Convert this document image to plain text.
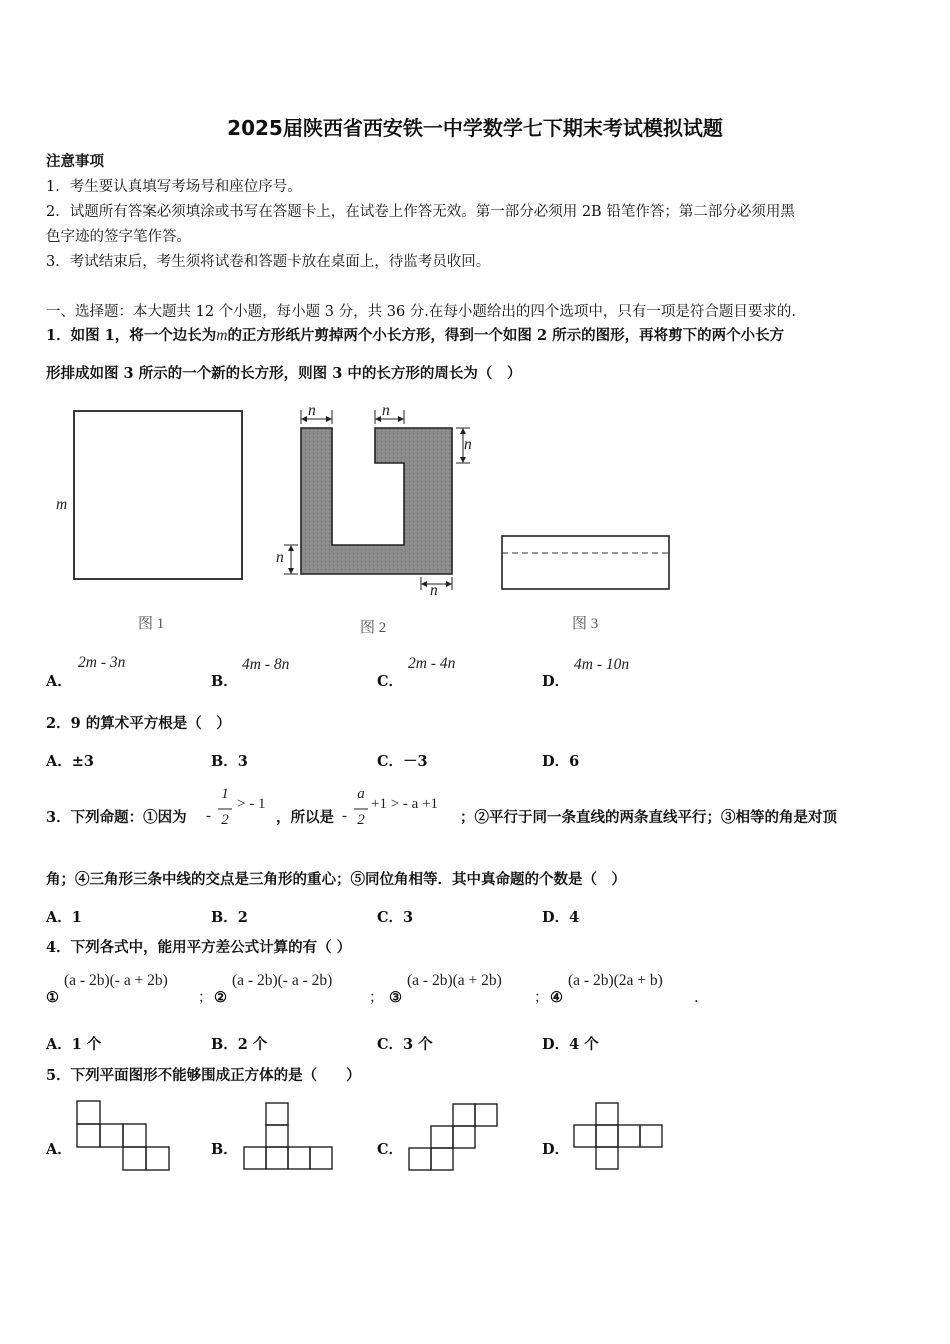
2025届陕西省西安铁一中学数学七下期末考试模拟试题
注意事项
1．考生要认真填写考场号和座位序号。
2．试题所有答案必须填涂或书写在答题卡上，在试卷上作答无效。第一部分必须用 2B 铅笔作答；第二部分必须用黑
色字迹的签字笔作答。
3．考试结束后，考生须将试卷和答题卡放在桌面上，待监考员收回。
一、选择题：本大题共 12 个小题，每小题 3 分，共 36 分.在每小题给出的四个选项中，只有一项是符合题目要求的.
1．如图 1，将一个边长为m的正方形纸片剪掉两个小长方形，得到一个如图 2 所示的图形，再将剪下的两个小长方
形排成如图 3 所示的一个新的长方形，则图 3 中的长方形的周长为（　）
m
n	n
n
n
n
图 1	图 2	图 3
A．
2m - 3n
B．
4m - 8n
C．
2m - 4n
D．
4m - 10n
2．9 的算术平方根是（　）
A．±3	B．3	C．－3	D．6
3．下列命题：①因为 -
1
2
> - 1
，所以是 -
a
2
+1 > - a +1
；②平行于同一条直线的两条直线平行；③相等的角是对顶
角；④三角形三条中线的交点是三角形的重心；⑤同位角相等．其中真命题的个数是（　）
A．1	B．2	C．3	D．4
4．下列各式中，能用平方差公式计算的有（ ）
①
(a - 2b)(- a + 2b)
； ②
(a - 2b)(- a - 2b)
； ③
(a - 2b)(a + 2b)
； ④
(a - 2b)(2a + b)
.
A．1 个	B．2 个	C．3 个	D．4 个
5．下列平面图形不能够围成正方体的是（　　）
A．	B．	C．	D．
